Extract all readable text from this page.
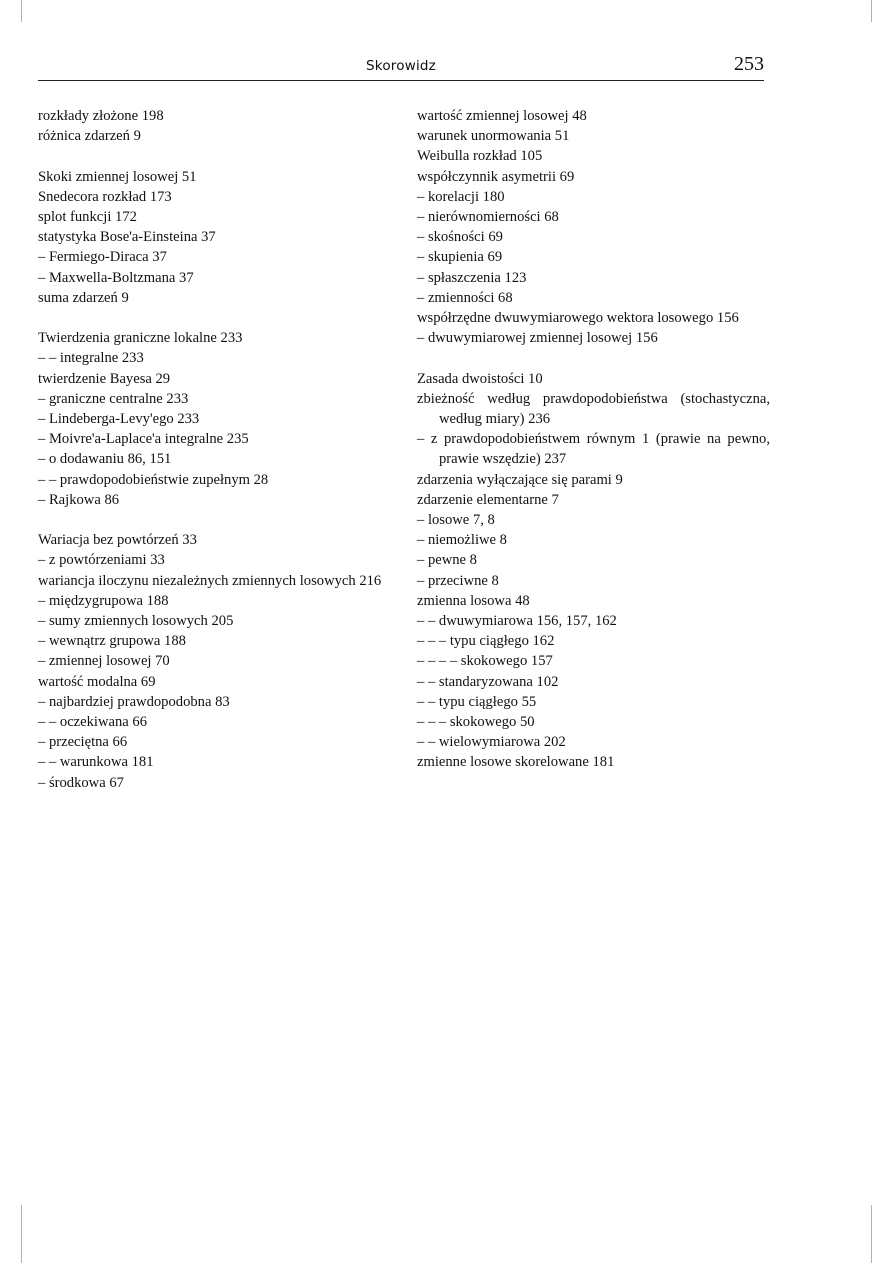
Skorowidz	253
rozkłady złożone 198
różnica zdarzeń 9
Skoki zmiennej losowej 51
Snedecora rozkład 173
splot funkcji 172
statystyka Bose'a-Einsteina 37
– Fermiego-Diraca 37
– Maxwella-Boltzmana 37
suma zdarzeń 9
Twierdzenia graniczne lokalne 233
– – integralne 233
twierdzenie Bayesa 29
– graniczne centralne 233
– Lindeberga-Levy'ego 233
– Moivre'a-Laplace'a integralne 235
– o dodawaniu 86, 151
– – prawdopodobieństwie zupełnym 28
– Rajkowa 86
Wariacja bez powtórzeń 33
– z powtórzeniami 33
wariancja iloczynu niezależnych zmiennych losowych 216
– międzygrupowa 188
– sumy zmiennych losowych 205
– wewnątrz grupowa 188
– zmiennej losowej 70
wartość modalna 69
– najbardziej prawdopodobna 83
– – oczekiwana 66
– przeciętna 66
– – warunkowa 181
– środkowa 67
wartość zmiennej losowej 48
warunek unormowania 51
Weibulla rozkład 105
współczynnik asymetrii 69
– korelacji 180
– nierównomierności 68
– skośności 69
– skupienia 69
– spłaszczenia 123
– zmienności 68
współrzędne dwuwymiarowego wektora losowego 156
– dwuwymiarowej zmiennej losowej 156
Zasada dwoistości 10
zbieżność według prawdopodobieństwa (stochastyczna, według miary) 236
– z prawdopodobieństwem równym 1 (prawie na pewno, prawie wszędzie) 237
zdarzenia wyłączające się parami 9
zdarzenie elementarne 7
– losowe 7, 8
– niemożliwe 8
– pewne 8
– przeciwne 8
zmienna losowa 48
– – dwuwymiarowa 156, 157, 162
– – – typu ciągłego 162
– – – – skokowego 157
– – standaryzowana 102
– – typu ciągłego 55
– – – skokowego 50
– – wielowymiarowa 202
zmienne losowe skorelowane 181
